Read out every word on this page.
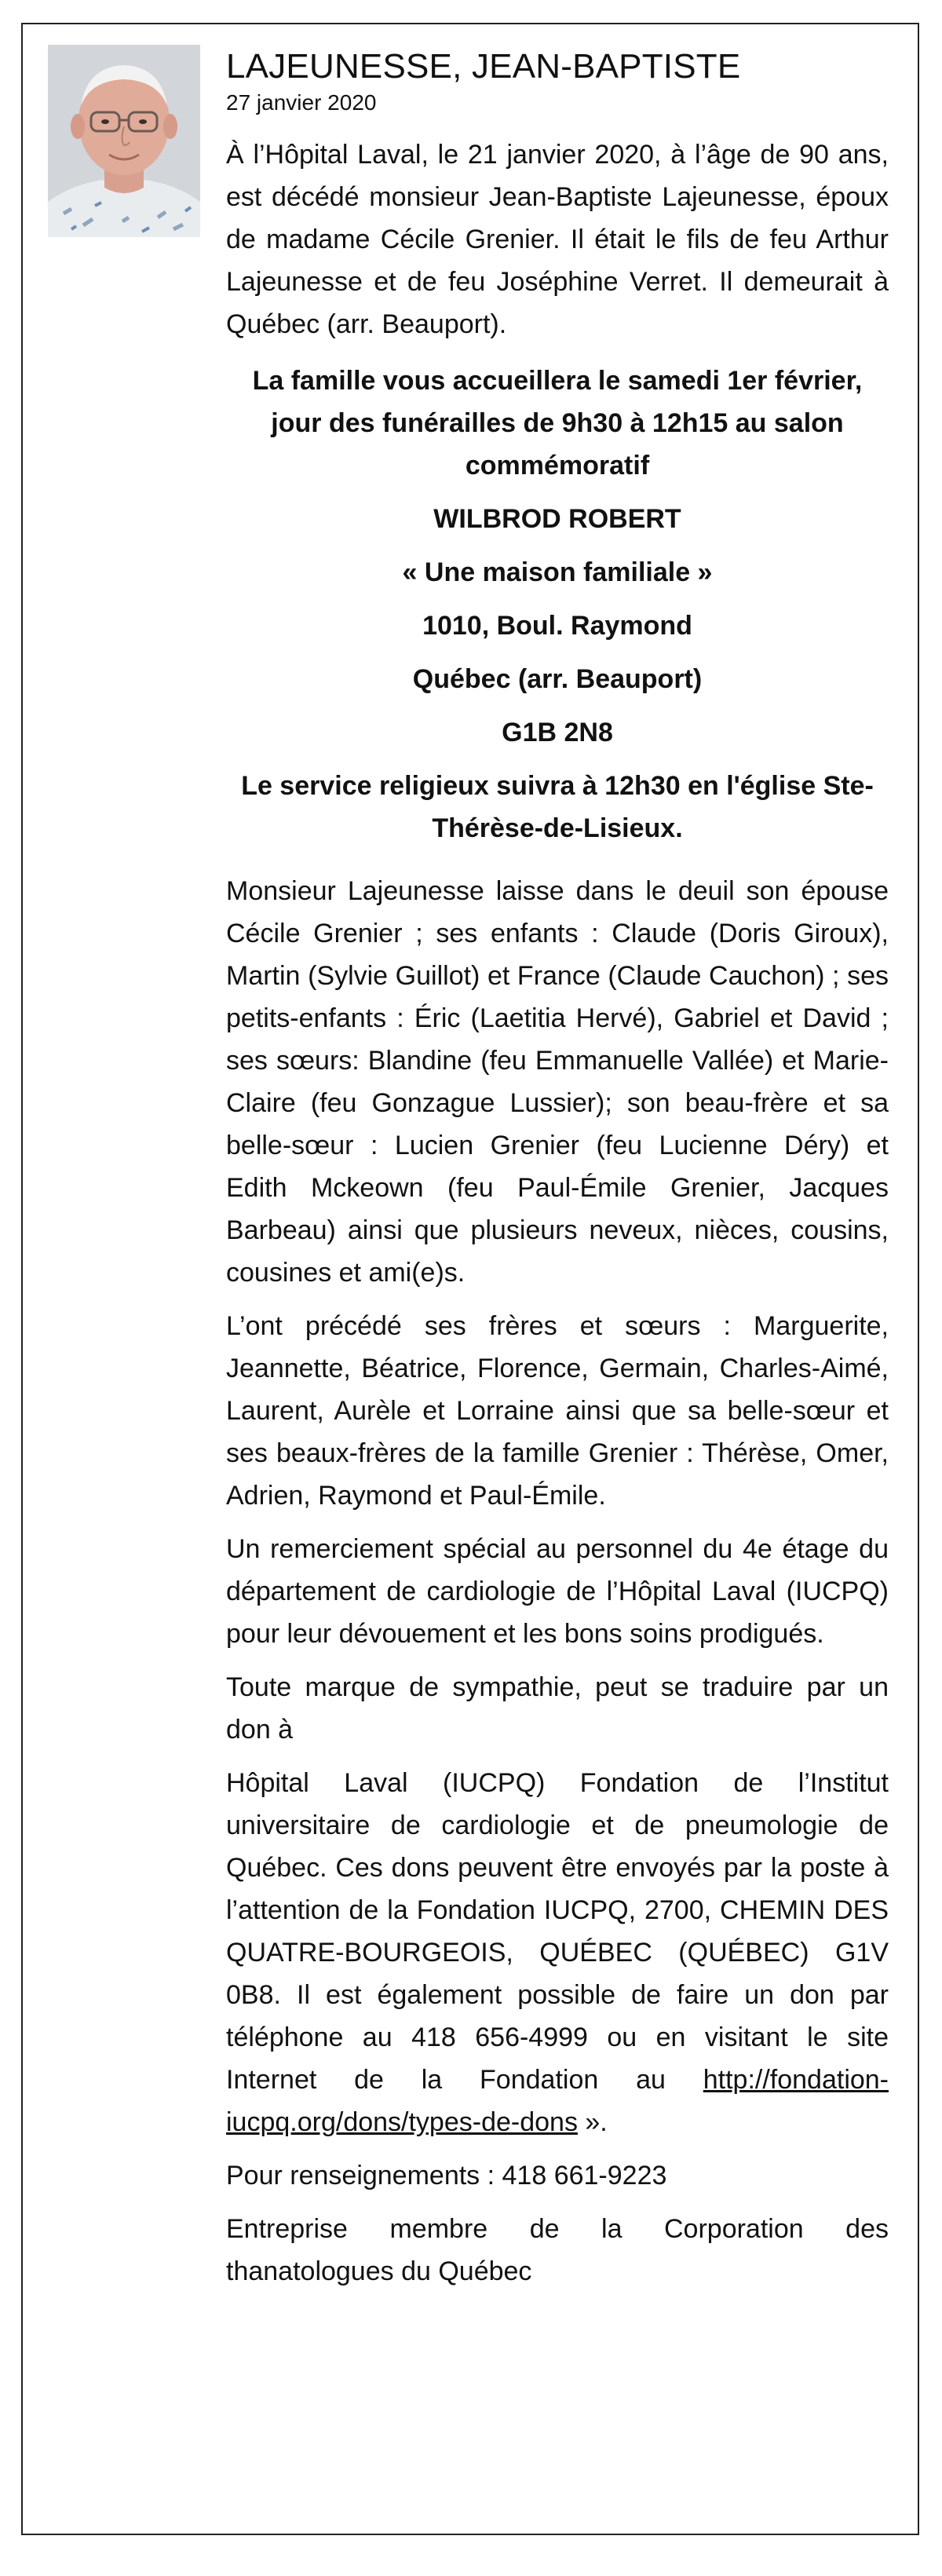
LAJEUNESSE, JEAN-BAPTISTE
27 janvier 2020

À l’Hôpital Laval, le 21 janvier 2020, à l’âge de 90 ans, est décédé monsieur Jean-Baptiste Lajeunesse, époux de madame Cécile Grenier. Il était le fils de feu Arthur Lajeunesse et de feu Joséphine Verret. Il demeurait à Québec (arr. Beauport).

La famille vous accueillera le samedi 1er février, jour des funérailles de 9h30 à 12h15 au salon commémoratif

WILBROD ROBERT

« Une maison familiale »

1010, Boul. Raymond

Québec (arr. Beauport)

G1B 2N8

Le service religieux suivra à 12h30 en l'église Ste-Thérèse-de-Lisieux.

Monsieur Lajeunesse laisse dans le deuil son épouse Cécile Grenier ; ses enfants : Claude (Doris Giroux), Martin (Sylvie Guillot) et France (Claude Cauchon) ; ses petits-enfants : Éric (Laetitia Hervé), Gabriel et David ; ses sœurs: Blandine (feu Emmanuelle Vallée) et Marie-Claire (feu Gonzague Lussier); son beau-frère et sa belle-sœur : Lucien Grenier (feu Lucienne Déry) et Edith Mckeown (feu Paul-Émile Grenier, Jacques Barbeau) ainsi que plusieurs neveux, nièces, cousins, cousines et ami(e)s.

L’ont précédé ses frères et sœurs : Marguerite, Jeannette, Béatrice, Florence, Germain, Charles-Aimé, Laurent, Aurèle et Lorraine ainsi que sa belle-sœur et ses beaux-frères de la famille Grenier : Thérèse, Omer, Adrien, Raymond et Paul-Émile.

Un remerciement spécial au personnel du 4e étage du département de cardiologie de l’Hôpital Laval (IUCPQ) pour leur dévouement et les bons soins prodigués.

Toute marque de sympathie, peut se traduire par un don à

Hôpital Laval (IUCPQ) Fondation de l’Institut universitaire de cardiologie et de pneumologie de Québec. Ces dons peuvent être envoyés par la poste à l’attention de la Fondation IUCPQ, 2700, CHEMIN DES QUATRE-BOURGEOIS, QUÉBEC (QUÉBEC) G1V 0B8. Il est également possible de faire un don par téléphone au 418 656-4999 ou en visitant le site Internet de la Fondation au http://fondation-iucpq.org/dons/types-de-dons ».

Pour renseignements : 418 661-9223

Entreprise membre de la Corporation des thanatologues du Québec
